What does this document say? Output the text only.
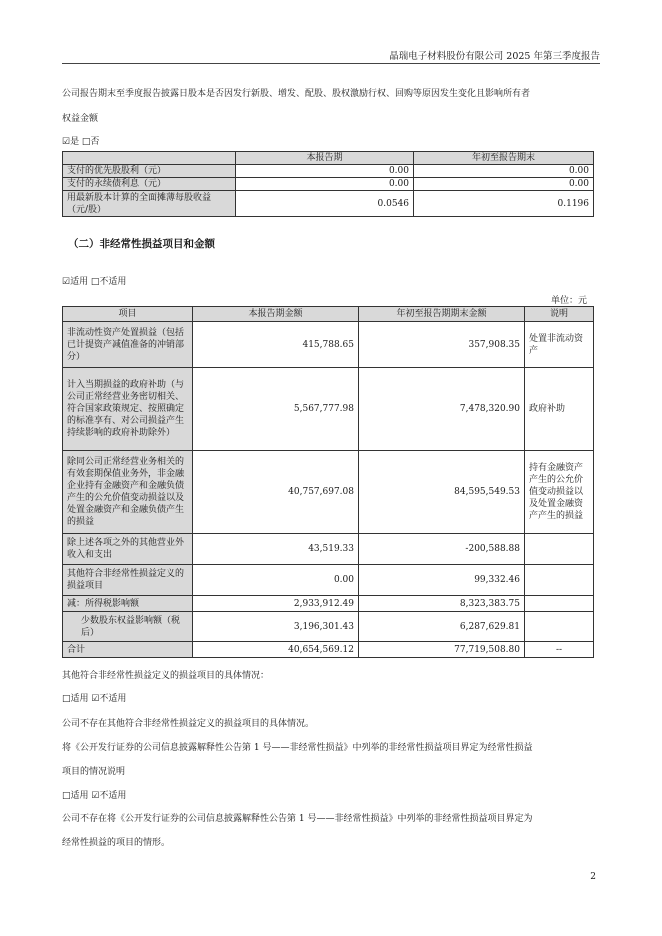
晶瑞电子材料股份有限公司 2025 年第三季度报告
公司报告期末至季度报告披露日股本是否因发行新股、增发、配股、股权激励行权、回购等原因发生变化且影响所有者
权益金额
☑是 □否
	本报告期	年初至报告期末
支付的优先股股利（元）	0.00	0.00
支付的永续债利息（元）	0.00	0.00
用最新股本计算的全面摊薄每股收益（元/股）	0.0546	0.1196
（二）非经常性损益项目和金额
☑适用 □不适用
单位：元
项目	本报告期金额	年初至报告期期末金额	说明
非流动性资产处置损益（包括已计提资产减值准备的冲销部分）	415,788.65	357,908.35	处置非流动资产
计入当期损益的政府补助（与公司正常经营业务密切相关、符合国家政策规定、按照确定的标准享有、对公司损益产生持续影响的政府补助除外）	5,567,777.98	7,478,320.90	政府补助
除同公司正常经营业务相关的有效套期保值业务外，非金融企业持有金融资产和金融负债产生的公允价值变动损益以及处置金融资产和金融负债产生的损益	40,757,697.08	84,595,549.53	持有金融资产产生的公允价值变动损益以及处置金融资产产生的损益
除上述各项之外的其他营业外收入和支出	43,519.33	-200,588.88	
其他符合非经常性损益定义的损益项目	0.00	99,332.46	
减：所得税影响额	2,933,912.49	8,323,383.75	
少数股东权益影响额（税后）	3,196,301.43	6,287,629.81	
合计	40,654,569.12	77,719,508.80	--
其他符合非经常性损益定义的损益项目的具体情况：
□适用 ☑不适用
公司不存在其他符合非经常性损益定义的损益项目的具体情况。
将《公开发行证券的公司信息披露解释性公告第 1 号——非经常性损益》中列举的非经常性损益项目界定为经常性损益
项目的情况说明
□适用 ☑不适用
公司不存在将《公开发行证券的公司信息披露解释性公告第 1 号——非经常性损益》中列举的非经常性损益项目界定为
经常性损益的项目的情形。
2
